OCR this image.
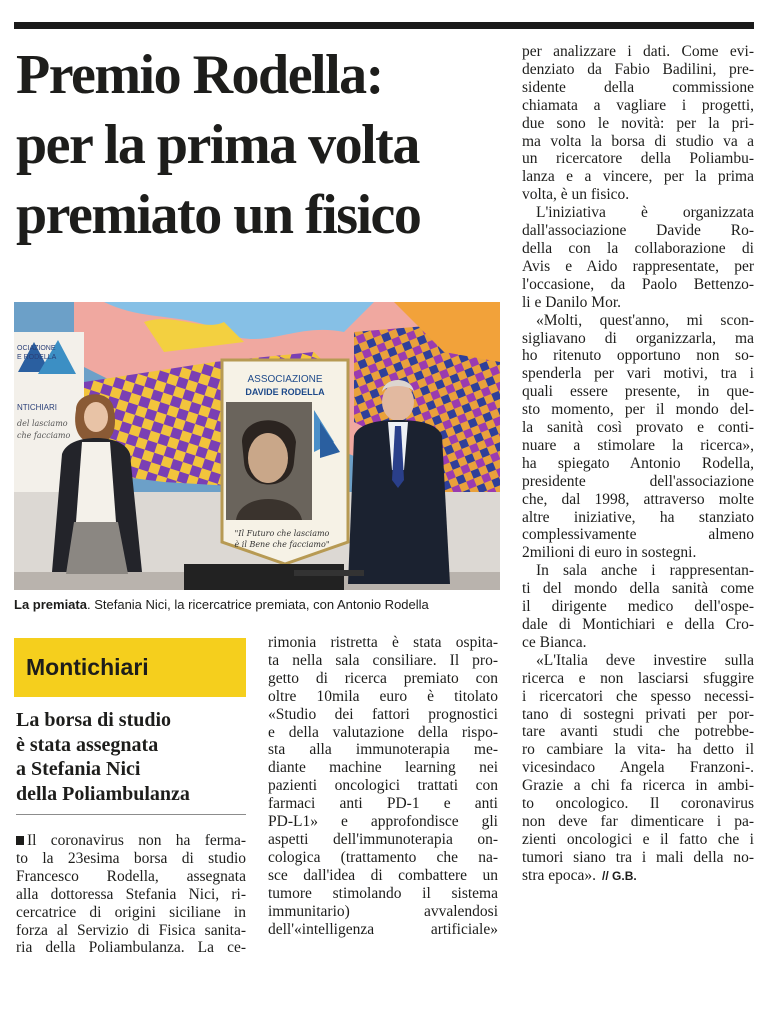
Premio Rodella:
per la prima volta
premiato un fisico
OCIAZIONE
E RODELLA
NTICHIARI
del lasciamo
che facciamo
ASSOCIAZIONE
DAVIDE RODELLA
"Il Futuro che lasciamo
è il Bene che facciamo"

La premiata. Stefania Nici, la ricercatrice premiata, con Antonio Rodella

Montichiari
La borsa di studio
è stata assegnata
a Stefania Nici
della Poliambulanza
Il coronavirus non ha ferma-
to la 23esima borsa di studio
Francesco Rodella, assegnata
alla dottoressa Stefania Nici, ri-
cercatrice di origini siciliane in
forza al Servizio di Fisica sanita-
ria della Poliambulanza. La ce-
rimonia ristretta è stata ospita-
ta nella sala consiliare. Il pro-
getto di ricerca premiato con
oltre 10mila euro è titolato
«Studio dei fattori prognostici
e della valutazione della rispo-
sta alla immunoterapia me-
diante machine learning nei
pazienti oncologici trattati con
farmaci anti PD-1 e anti
PD-L1» e approfondisce gli
aspetti dell'immunoterapia on-
cologica (trattamento che na-
sce dall'idea di combattere un
tumore stimolando il sistema
immunitario) avvalendosi
dell'«intelligenza artificiale»
per analizzare i dati. Come evi-
denziato da Fabio Badilini, pre-
sidente della commissione
chiamata a vagliare i progetti,
due sono le novità: per la pri-
ma volta la borsa di studio va a
un ricercatore della Poliambu-
lanza e a vincere, per la prima
volta, è un fisico.
L'iniziativa è organizzata
dall'associazione Davide Ro-
della con la collaborazione di
Avis e Aido rappresentate, per
l'occasione, da Paolo Bettenzo-
li e Danilo Mor.
«Molti, quest'anno, mi scon-
sigliavano di organizzarla, ma
ho ritenuto opportuno non so-
spenderla per vari motivi, tra i
quali essere presente, in que-
sto momento, per il mondo del-
la sanità così provato e conti-
nuare a stimolare la ricerca»,
ha spiegato Antonio Rodella,
presidente dell'associazione
che, dal 1998, attraverso molte
altre iniziative, ha stanziato
complessivamente almeno
2milioni di euro in sostegni.
In sala anche i rappresentan-
ti del mondo della sanità come
il dirigente medico dell'ospe-
dale di Montichiari e della Cro-
ce Bianca.
«L'Italia deve investire sulla
ricerca e non lasciarsi sfuggire
i ricercatori che spesso necessi-
tano di sostegni privati per por-
tare avanti studi che potrebbe-
ro cambiare la vita- ha detto il
vicesindaco Angela Franzoni-.
Grazie a chi fa ricerca in ambi-
to oncologico. Il coronavirus
non deve far dimenticare i pa-
zienti oncologici e il fatto che i
tumori siano tra i mali della no-
stra epoca». // G.B.
